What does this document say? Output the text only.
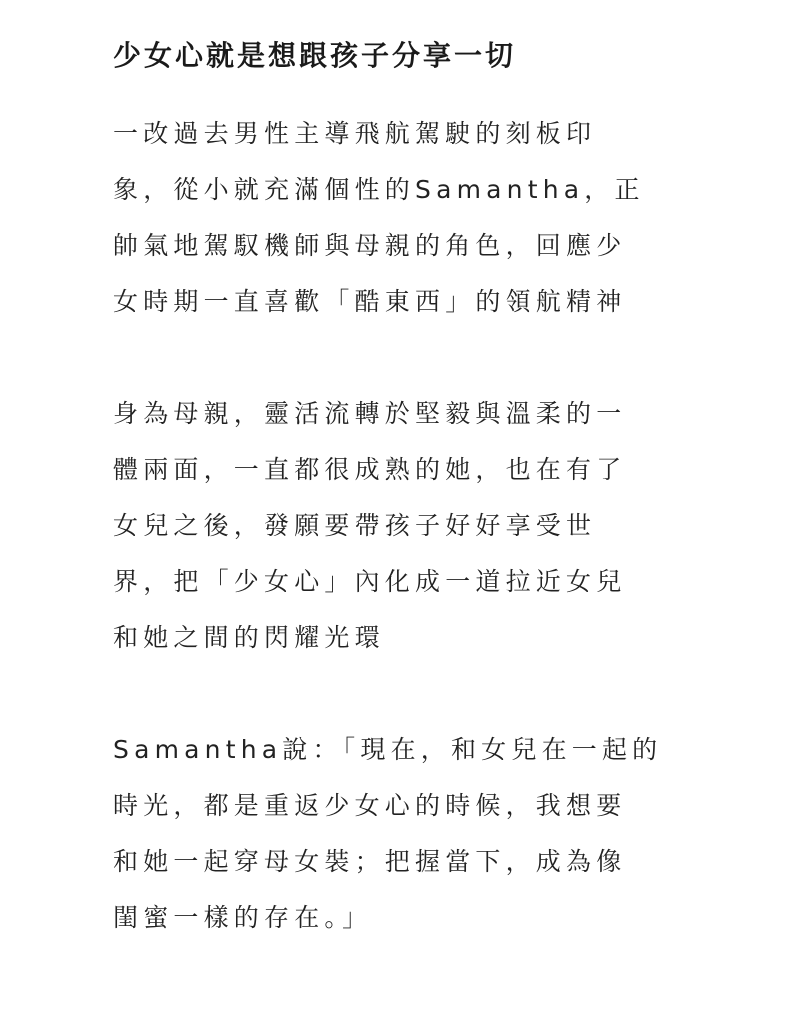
少女心就是想跟孩子分享一切

一改過去男性主導飛航駕駛的刻板印
象，從小就充滿個性的Samantha，正
帥氣地駕馭機師與母親的角色，回應少
女時期一直喜歡「酷東西」的領航精神

身為母親，靈活流轉於堅毅與溫柔的一
體兩面，一直都很成熟的她，也在有了
女兒之後，發願要帶孩子好好享受世
界，把「少女心」內化成一道拉近女兒
和她之間的閃耀光環

Samantha說：「現在，和女兒在一起的
時光，都是重返少女心的時候，我想要
和她一起穿母女裝；把握當下，成為像
閨蜜一樣的存在。」
